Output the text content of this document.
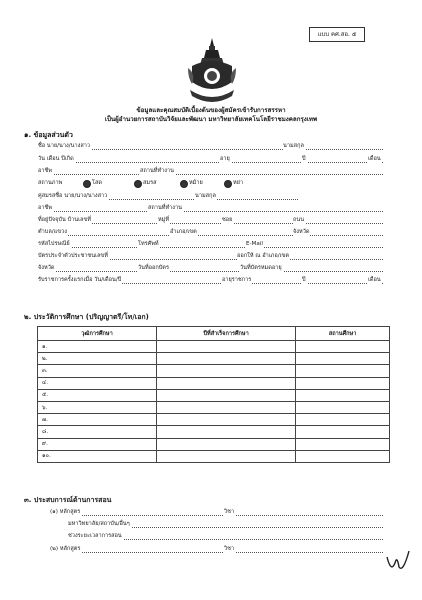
แบบ คศ.สอ. ๕
ข้อมูลและคุณสมบัติเบื้องต้นของผู้สมัครเข้ารับการสรรหา
เป็นผู้อำนวยการสถาบันวิจัยและพัฒนา มหาวิทยาลัยเทคโนโลยีราชมงคลกรุงเทพ
๑. ข้อมูลส่วนตัว
ชื่อ นาย/นาง/นางสาว	นามสกุล
วัน เดือน ปีเกิด	อายุ	ปี	เดือน
อาชีพ	สถานที่ทำงาน
สถานภาพ	โสด	สมรส	หม้าย	หย่า
คู่สมรสชื่อ นาย/นาง/นางสาว	นามสกุล
อาชีพ	สถานที่ทำงาน
ที่อยู่ปัจจุบัน บ้านเลขที่	หมู่ที่	ซอย	ถนน
ตำบล/แขวง	อำเภอ/เขต	จังหวัด
รหัสไปรษณีย์	โทรศัพท์	E-Mail
บัตรประจำตัวประชาชนเลขที่	ออกให้ ณ อำเภอ/เขต
จังหวัด	วันที่ออกบัตร	วันที่บัตรหมดอายุ
รับราชการครั้งแรกเมื่อ วัน/เดือน/ปี	อายุราชการ	ปี	เดือน
๒. ประวัติการศึกษา (ปริญญาตรี/โท/เอก)
วุฒิการศึกษา	ปีที่สำเร็จการศึกษา	สถานศึกษา
๑.		
๒.		
๓.		
๔.		
๕.		
๖.		
๗.		
๘.		
๙.		
๑๐.		
๓. ประสบการณ์ด้านการสอน
(๑) หลักสูตร	วิชา
มหาวิทยาลัย/สถาบัน/อื่นๆ
ช่วงระยะเวลาการสอน
(๒) หลักสูตร	วิชา
